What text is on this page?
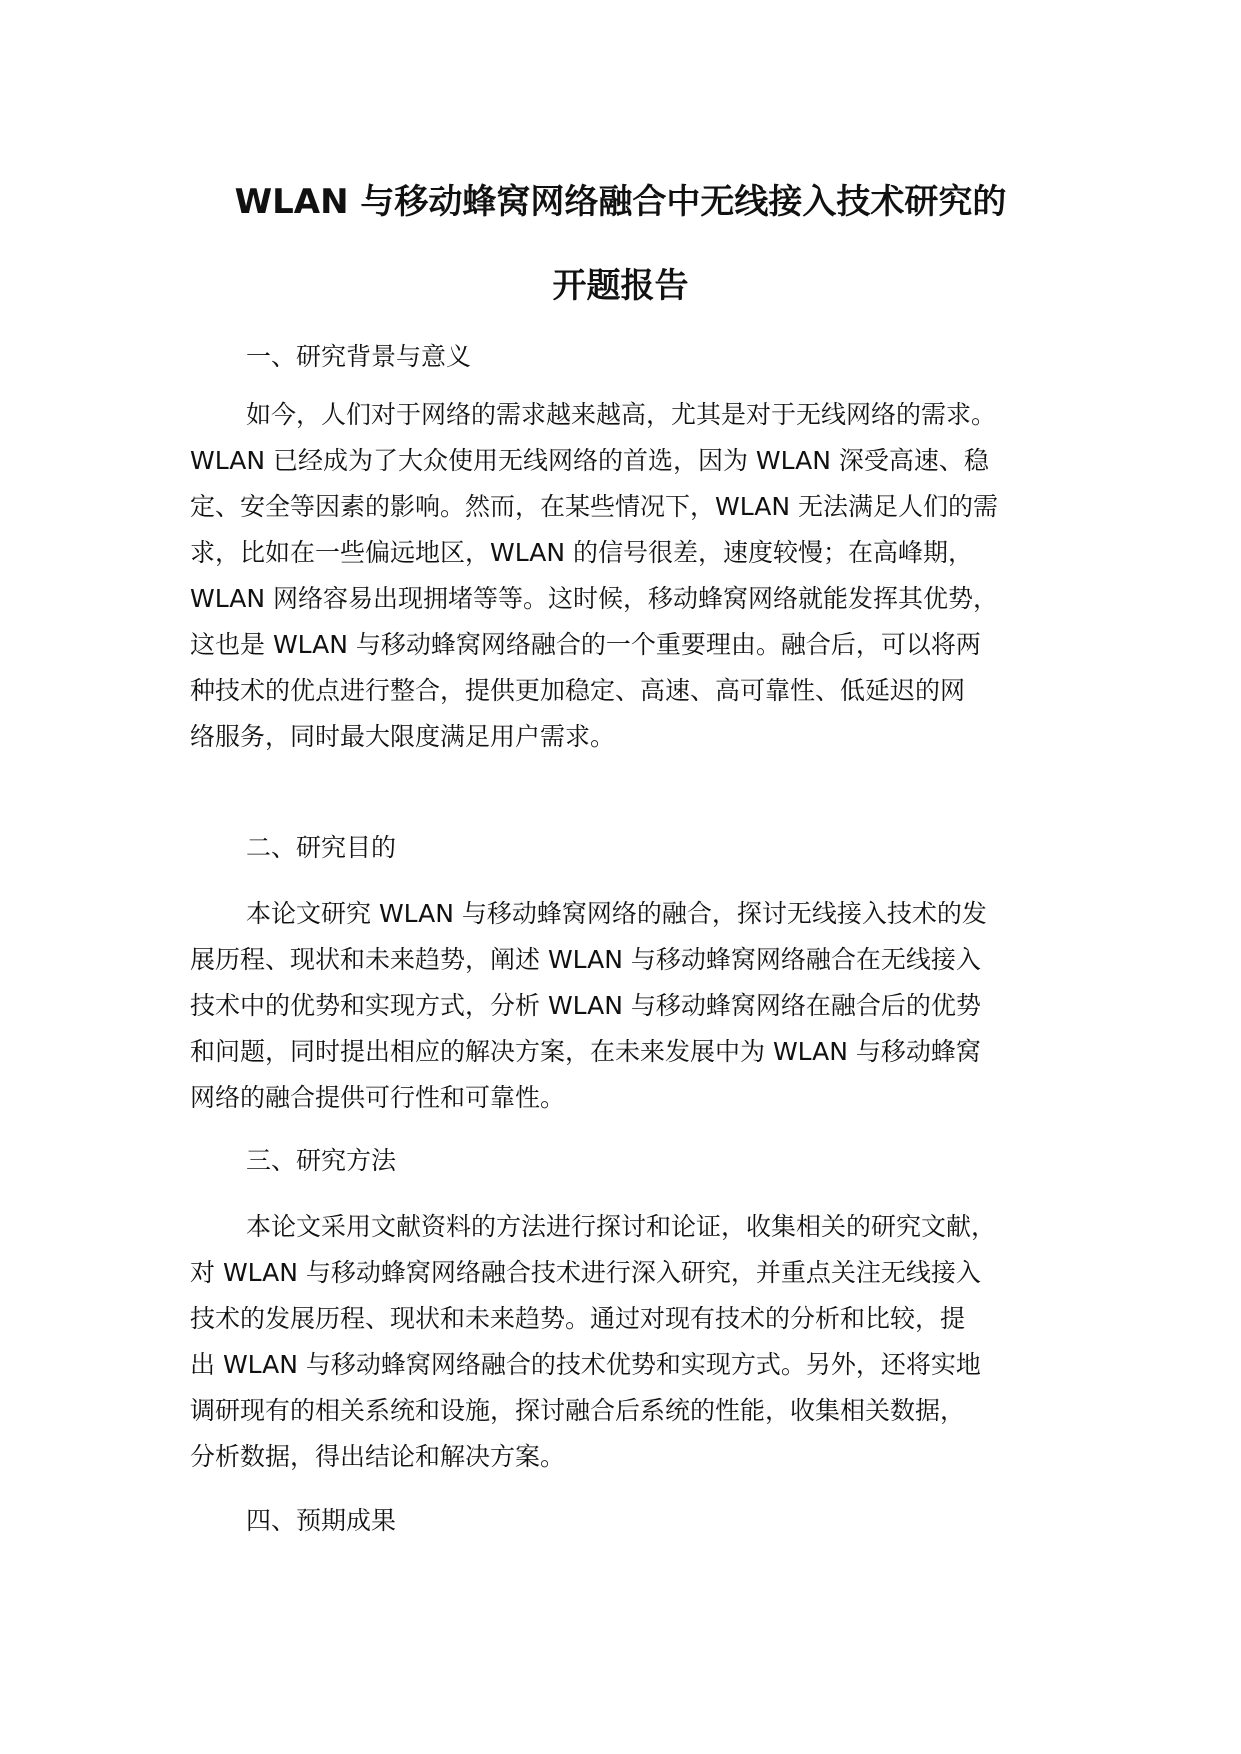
WLAN 与移动蜂窝网络融合中无线接入技术研究的
开题报告
一、研究背景与意义
如今，人们对于网络的需求越来越高，尤其是对于无线网络的需求。
WLAN 已经成为了大众使用无线网络的首选，因为 WLAN 深受高速、稳
定、安全等因素的影响。然而，在某些情况下，WLAN 无法满足人们的需
求，比如在一些偏远地区，WLAN 的信号很差，速度较慢；在高峰期，
WLAN 网络容易出现拥堵等等。这时候，移动蜂窝网络就能发挥其优势，
这也是 WLAN 与移动蜂窝网络融合的一个重要理由。融合后，可以将两
种技术的优点进行整合，提供更加稳定、高速、高可靠性、低延迟的网
络服务，同时最大限度满足用户需求。
二、研究目的
本论文研究 WLAN 与移动蜂窝网络的融合，探讨无线接入技术的发
展历程、现状和未来趋势，阐述 WLAN 与移动蜂窝网络融合在无线接入
技术中的优势和实现方式，分析 WLAN 与移动蜂窝网络在融合后的优势
和问题，同时提出相应的解决方案，在未来发展中为 WLAN 与移动蜂窝
网络的融合提供可行性和可靠性。
三、研究方法
本论文采用文献资料的方法进行探讨和论证，收集相关的研究文献，
对 WLAN 与移动蜂窝网络融合技术进行深入研究，并重点关注无线接入
技术的发展历程、现状和未来趋势。通过对现有技术的分析和比较，提
出 WLAN 与移动蜂窝网络融合的技术优势和实现方式。另外，还将实地
调研现有的相关系统和设施，探讨融合后系统的性能，收集相关数据，
分析数据，得出结论和解决方案。
四、预期成果
